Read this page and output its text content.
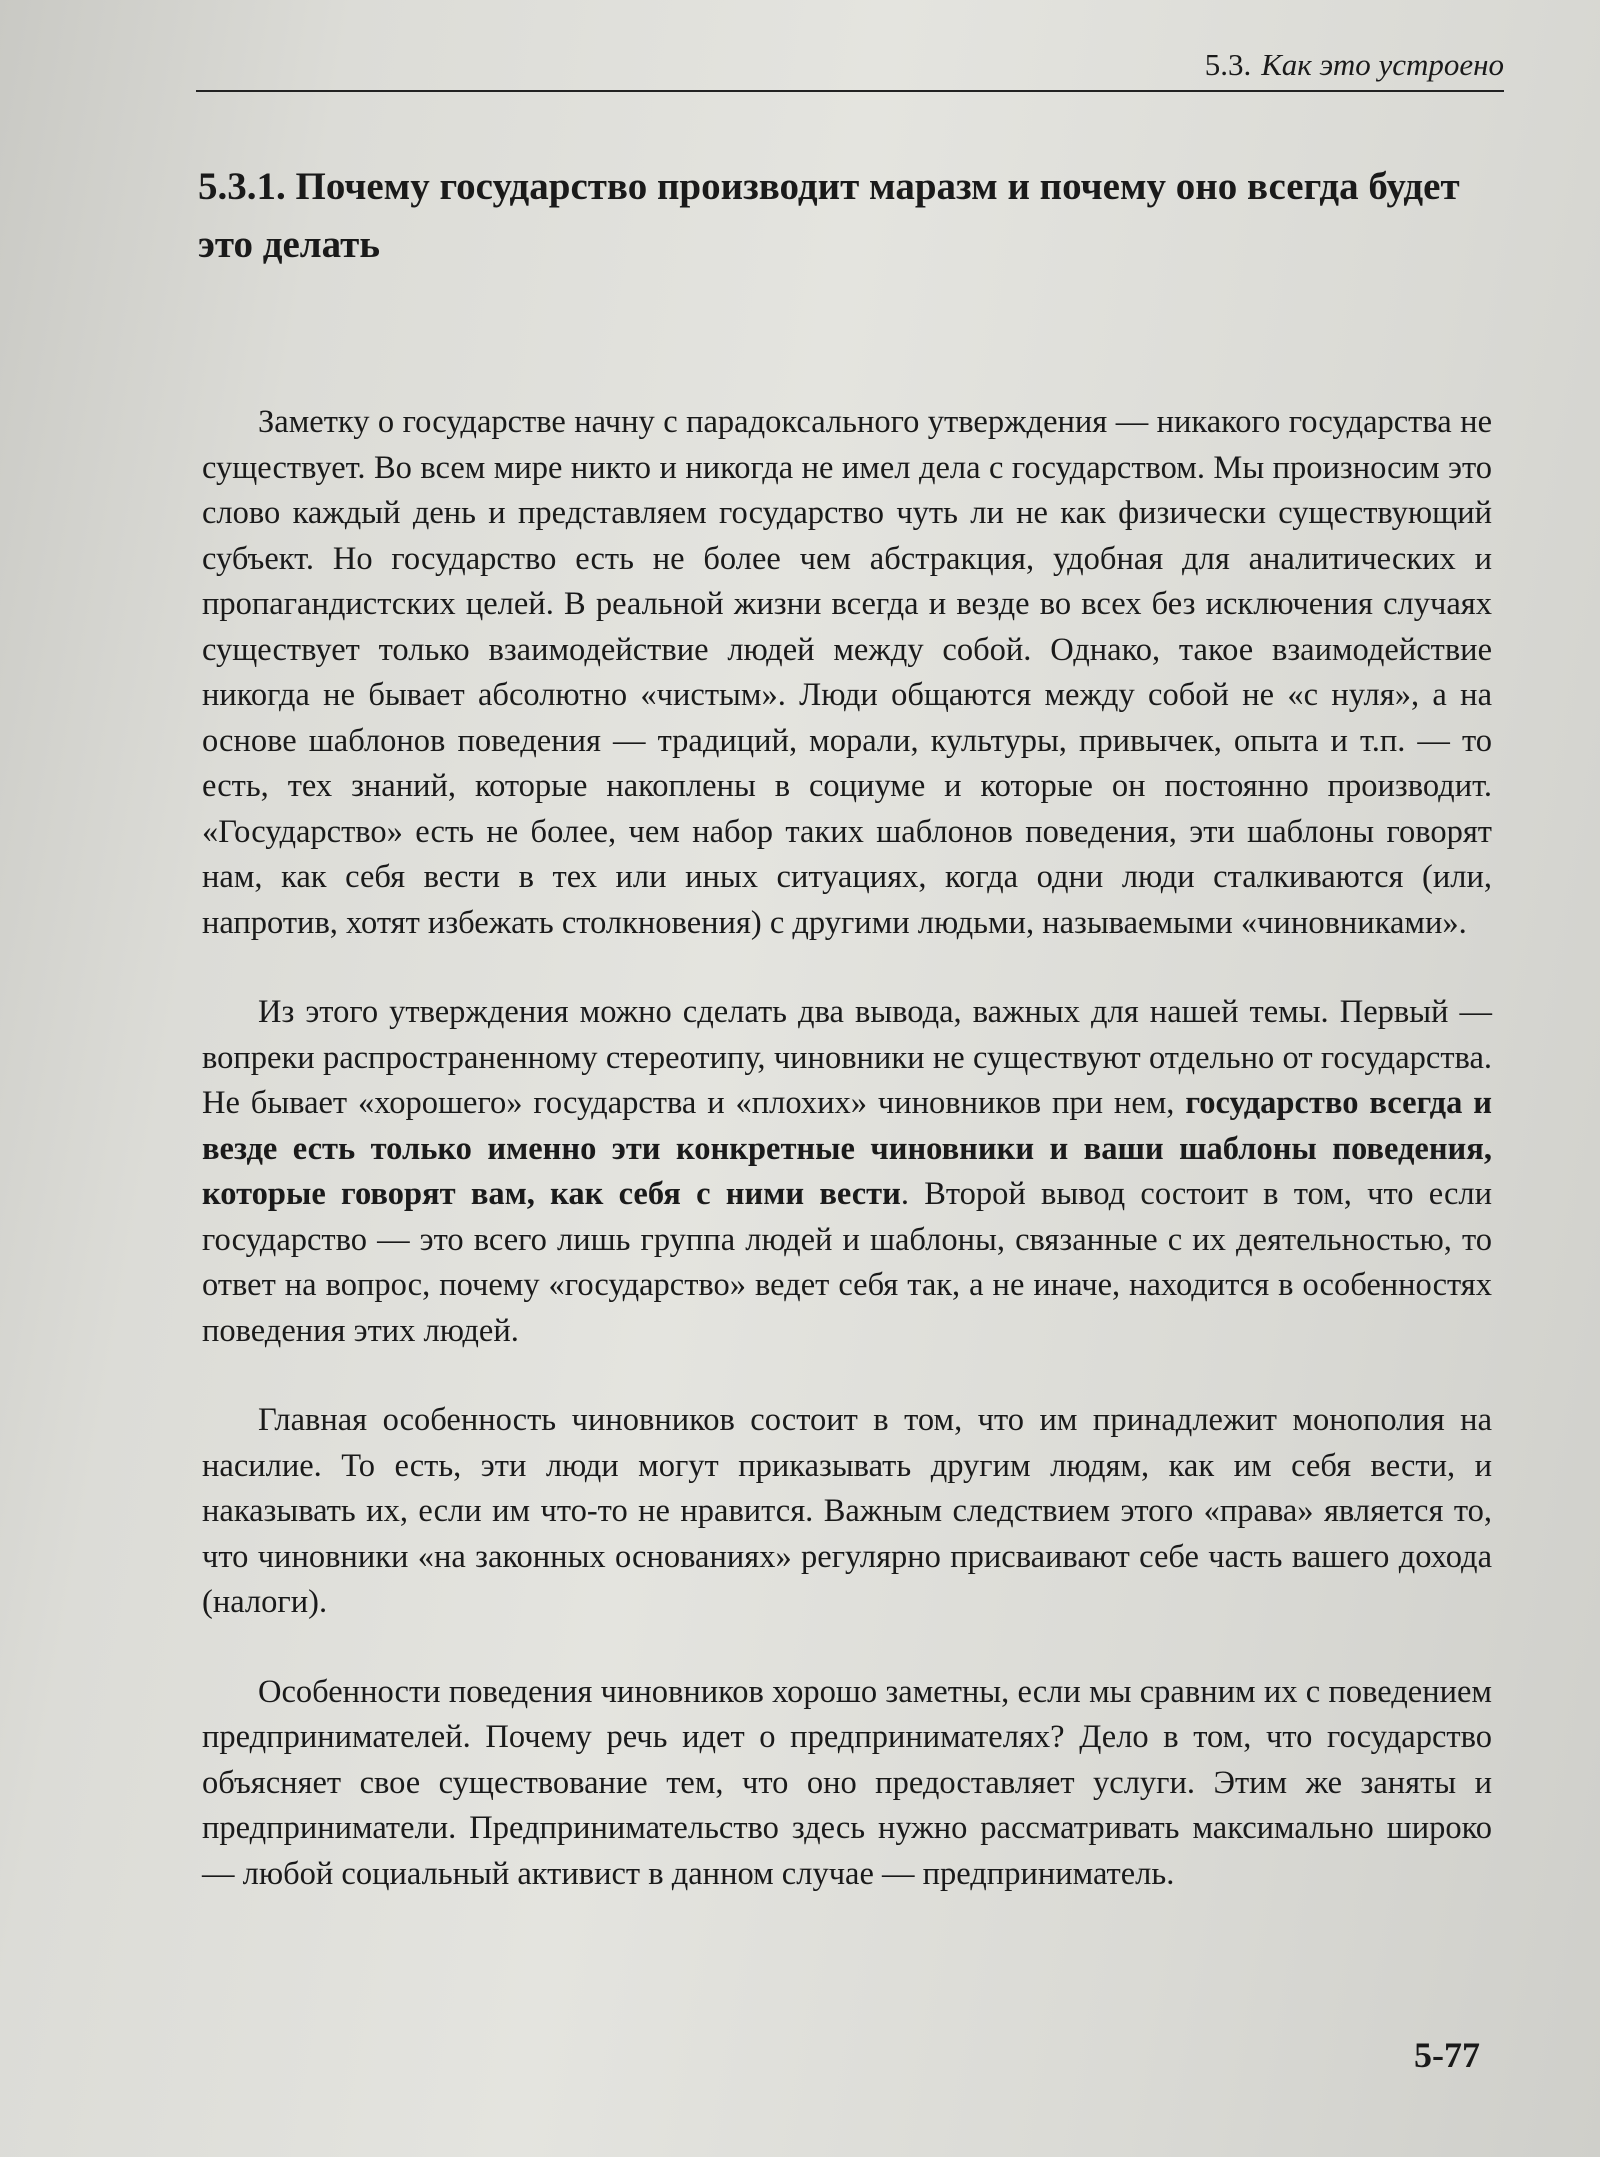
5.3. Как это устроено
5.3.1. Почему государство производит маразм и почему оно всегда будет это делать

Заметку о государстве начну с парадоксального утверждения — никакого государства не существует. Во всем мире никто и никогда не имел дела с государством. Мы произносим это слово каждый день и представляем государство чуть ли не как физически существующий субъект. Но государство есть не более чем абстракция, удобная для аналитических и пропагандистских целей. В реальной жизни всегда и везде во всех без исключения случаях существует только взаимодействие людей между собой. Однако, такое взаимодействие никогда не бывает абсолютно «чистым». Люди общаются между собой не «с нуля», а на основе шаблонов поведения — традиций, морали, культуры, привычек, опыта и т.п. — то есть, тех знаний, которые накоплены в социуме и которые он постоянно производит. «Государство» есть не более, чем набор таких шаблонов поведения, эти шаблоны говорят нам, как себя вести в тех или иных ситуациях, когда одни люди сталкиваются (или, напротив, хотят избежать столкновения) с другими людьми, называемыми «чиновниками».

Из этого утверждения можно сделать два вывода, важных для нашей темы. Первый — вопреки распространенному стереотипу, чиновники не существуют отдельно от государства. Не бывает «хорошего» государства и «плохих» чиновников при нем, государство всегда и везде есть только именно эти конкретные чиновники и ваши шаблоны поведения, которые говорят вам, как себя с ними вести. Второй вывод состоит в том, что если государство — это всего лишь группа людей и шаблоны, связанные с их деятельностью, то ответ на вопрос, почему «государство» ведет себя так, а не иначе, находится в особенностях поведения этих людей.

Главная особенность чиновников состоит в том, что им принадлежит монополия на насилие. То есть, эти люди могут приказывать другим людям, как им себя вести, и наказывать их, если им что-то не нравится. Важным следствием этого «права» является то, что чиновники «на законных основаниях» регулярно присваивают себе часть вашего дохода (налоги).

Особенности поведения чиновников хорошо заметны, если мы сравним их с поведением предпринимателей. Почему речь идет о предпринимателях? Дело в том, что государство объясняет свое существование тем, что оно предоставляет услуги. Этим же заняты и предприниматели. Предпринимательство здесь нужно рассматривать максимально широко — любой социальный активист в данном случае — предприниматель.

5-77
